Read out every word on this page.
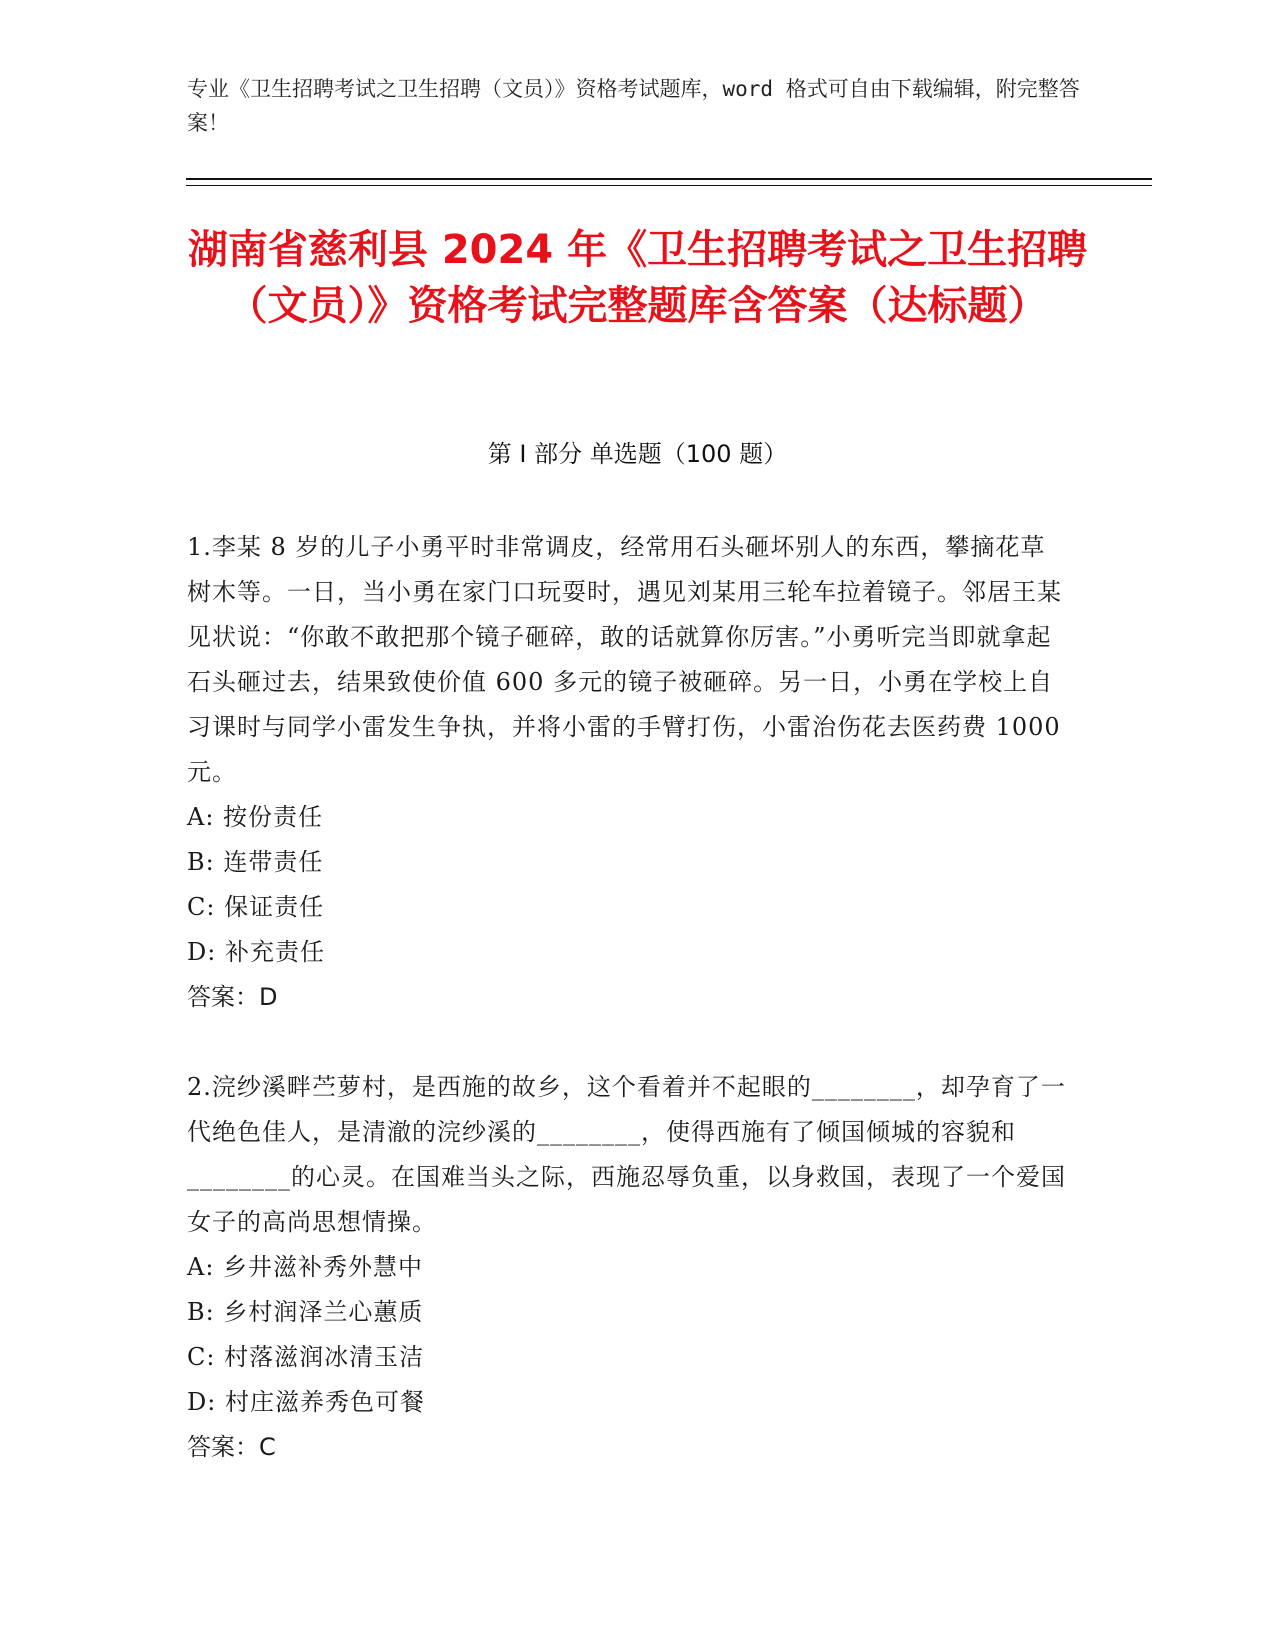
专业《卫生招聘考试之卫生招聘（文员）》资格考试题库，word 格式可自由下载编辑，附完整答案！
湖南省慈利县 2024 年《卫生招聘考试之卫生招聘（文员）》资格考试完整题库含答案（达标题）
第 I 部分 单选题（100 题）

1.李某 8 岁的儿子小勇平时非常调皮，经常用石头砸坏别人的东西，攀摘花草树木等。一日，当小勇在家门口玩耍时，遇见刘某用三轮车拉着镜子。邻居王某见状说：“你敢不敢把那个镜子砸碎，敢的话就算你厉害。”小勇听完当即就拿起石头砸过去，结果致使价值 600 多元的镜子被砸碎。另一日，小勇在学校上自习课时与同学小雷发生争执，并将小雷的手臂打伤，小雷治伤花去医药费 1000 元。

A: 按份责任

B: 连带责任

C: 保证责任

D: 补充责任

答案：D

2.浣纱溪畔苎萝村，是西施的故乡，这个看着并不起眼的________，却孕育了一代绝色佳人，是清澈的浣纱溪的________，使得西施有了倾国倾城的容貌和________的心灵。在国难当头之际，西施忍辱负重，以身救国，表现了一个爱国女子的高尚思想情操。

A: 乡井滋补秀外慧中

B: 乡村润泽兰心蕙质

C: 村落滋润冰清玉洁

D: 村庄滋养秀色可餐

答案：C
